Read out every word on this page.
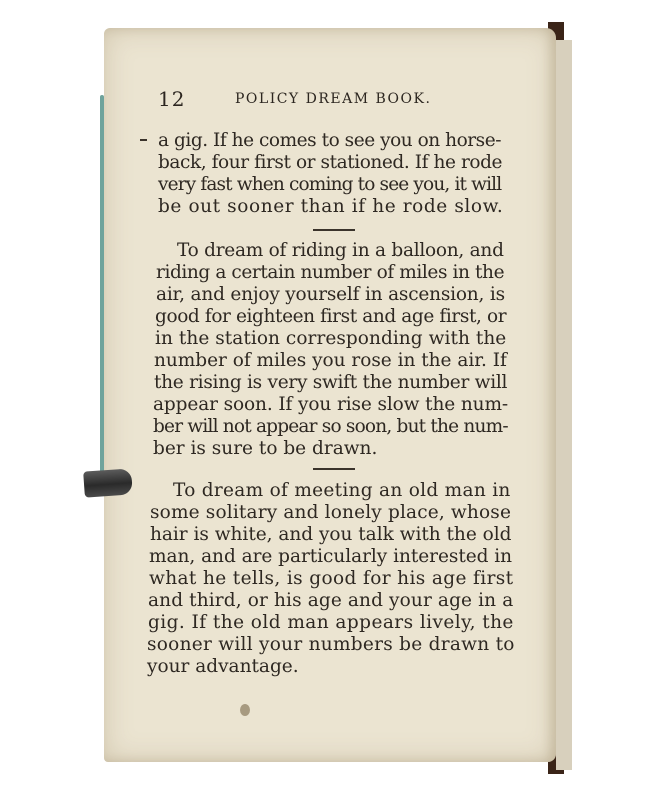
12	POLICY DREAM BOOK.
a gig. If he comes to see you on horse-
back, four first or stationed. If he rode
very fast when coming to see you, it will
be out sooner than if he rode slow.
To dream of riding in a balloon, and
riding a certain number of miles in the
air, and enjoy yourself in ascension, is
good for eighteen first and age first, or
in the station corresponding with the
number of miles you rose in the air. If
the rising is very swift the number will
appear soon. If you rise slow the num-
ber will not appear so soon, but the num-
ber is sure to be drawn.
To dream of meeting an old man in
some solitary and lonely place, whose
hair is white, and you talk with the old
man, and are particularly interested in
what he tells, is good for his age first
and third, or his age and your age in a
gig. If the old man appears lively, the
sooner will your numbers be drawn to
your advantage.
